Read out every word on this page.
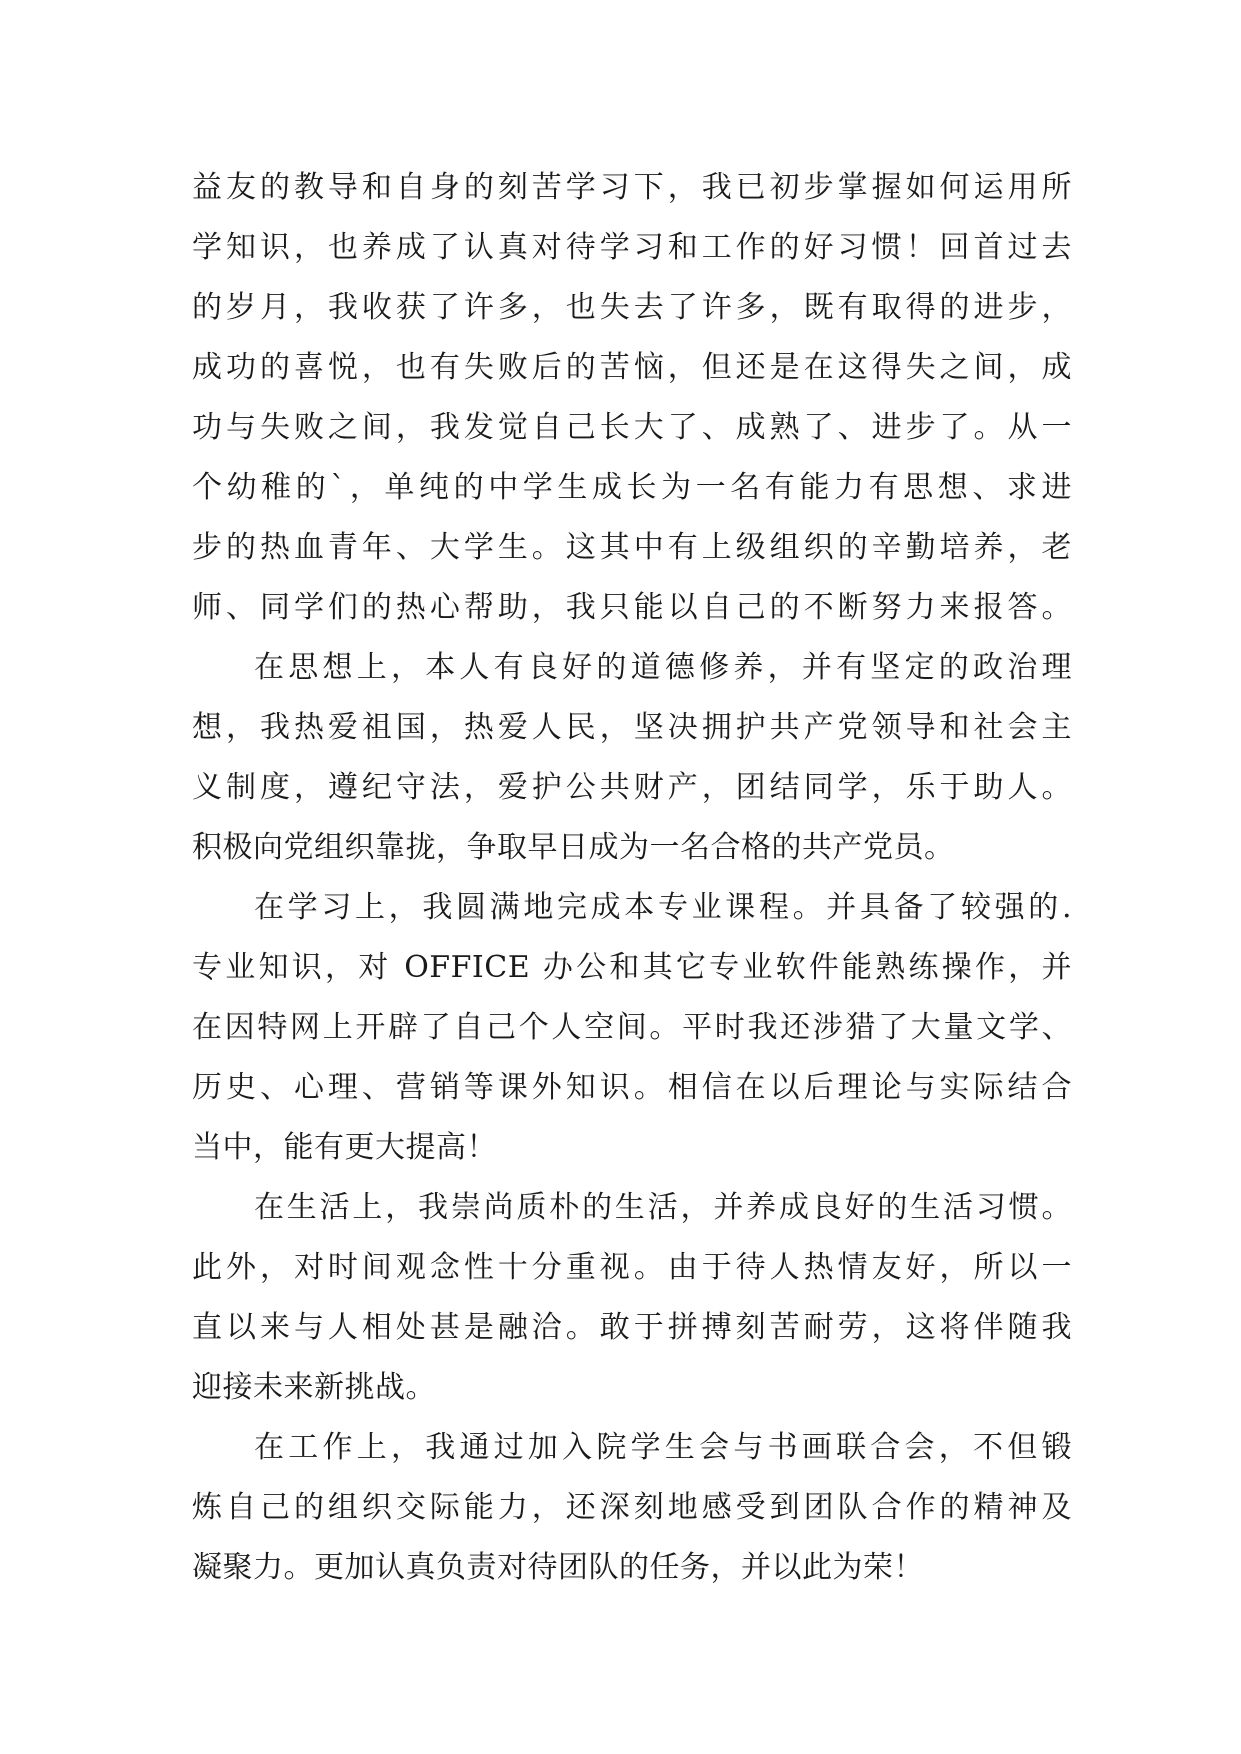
益友的教导和自身的刻苦学习下，我已初步掌握如何运用所
学知识，也养成了认真对待学习和工作的好习惯！回首过去
的岁月，我收获了许多，也失去了许多，既有取得的进步，
成功的喜悦，也有失败后的苦恼，但还是在这得失之间，成
功与失败之间，我发觉自己长大了、成熟了、进步了。从一
个幼稚的`，单纯的中学生成长为一名有能力有思想、求进
步的热血青年、大学生。这其中有上级组织的辛勤培养，老
师、同学们的热心帮助，我只能以自己的不断努力来报答。
在思想上，本人有良好的道德修养，并有坚定的政治理
想，我热爱祖国，热爱人民，坚决拥护共产党领导和社会主
义制度，遵纪守法，爱护公共财产，团结同学，乐于助人。
积极向党组织靠拢，争取早日成为一名合格的共产党员。
在学习上，我圆满地完成本专业课程。并具备了较强的.
专业知识，对 OFFICE 办公和其它专业软件能熟练操作，并
在因特网上开辟了自己个人空间。平时我还涉猎了大量文学、
历史、心理、营销等课外知识。相信在以后理论与实际结合
当中，能有更大提高！
在生活上，我崇尚质朴的生活，并养成良好的生活习惯。
此外，对时间观念性十分重视。由于待人热情友好，所以一
直以来与人相处甚是融洽。敢于拼搏刻苦耐劳，这将伴随我
迎接未来新挑战。
在工作上，我通过加入院学生会与书画联合会，不但锻
炼自己的组织交际能力，还深刻地感受到团队合作的精神及
凝聚力。更加认真负责对待团队的任务，并以此为荣！
